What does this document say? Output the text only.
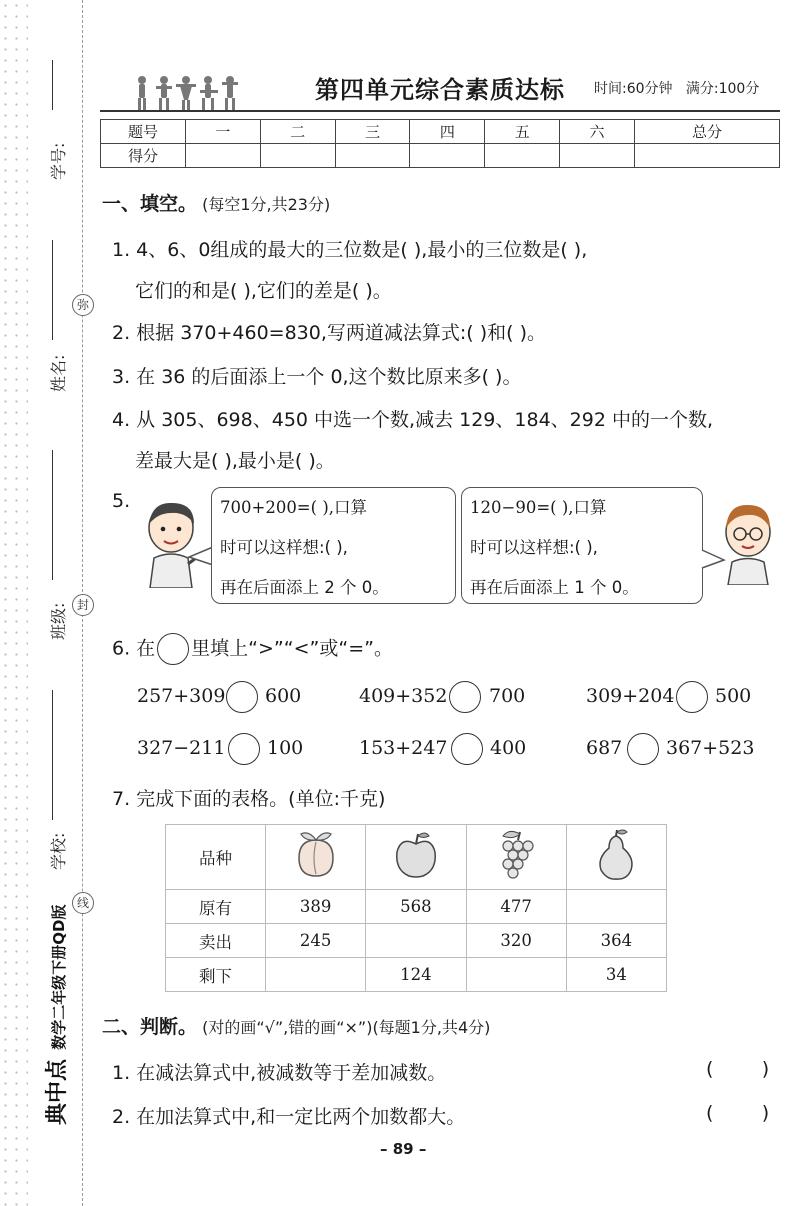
学号:
姓名:
班级:
学校:
弥
封
线
典中点 数学二年级下册QD版
第四单元综合素质达标 时间:60分钟 满分:100分
题号	一	二	三	四	五	六	总分
得分							
一、填空。 (每空1分,共23分)
1. 4、6、0组成的最大的三位数是( ),最小的三位数是( ),
它们的和是( ),它们的差是( )。
2. 根据 370+460=830,写两道减法算式:( )和( )。
3. 在 36 的后面添上一个 0,这个数比原来多( )。
4. 从 305、698、450 中选一个数,减去 129、184、292 中的一个数,
差最大是( ),最小是( )。
5.	700+200=( ),口算
时可以这样想:( ),
再在后面添上 2 个 0。
120−90=( ),口算
时可以这样想:( ),
再在后面添上 1 个 0。
6. 在 里填上“>”“<”或“=”。
257+309 600	409+352 700	309+204 500
327−211 100	153+247 400	687 367+523
7. 完成下面的表格。(单位:千克)
品种				
原有	389	568	477	
卖出	245		320	364
剩下		124		34
二、判断。 (对的画“√”,错的画“×”)(每题1分,共4分)
1. 在减法算式中,被减数等于差加减数。	(        )
2. 在加法算式中,和一定比两个加数都大。	(        )
– 89 –
